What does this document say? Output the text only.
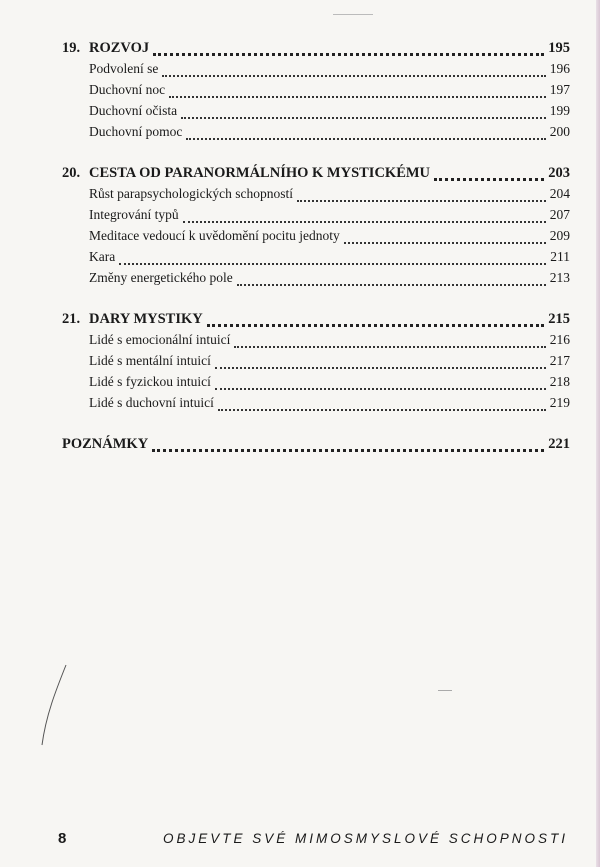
19. ROZVOJ	195
Podvolení se	196
Duchovní noc	197
Duchovní očista	199
Duchovní pomoc	200
20. CESTA OD PARANORMÁLNÍHO K MYSTICKÉMU	203
Růst parapsychologických schopností	204
Integrování typů	207
Meditace vedoucí k uvědomění pocitu jednoty	209
Kara	211
Změny energetického pole	213
21. DARY MYSTIKY	215
Lidé s emocionální intuicí	216
Lidé s mentální intuicí	217
Lidé s fyzickou intuicí	218
Lidé s duchovní intuicí	219
POZNÁMKY	221
8	OBJEVTE SVÉ MIMOSMYSLOVÉ SCHOPNOSTI
